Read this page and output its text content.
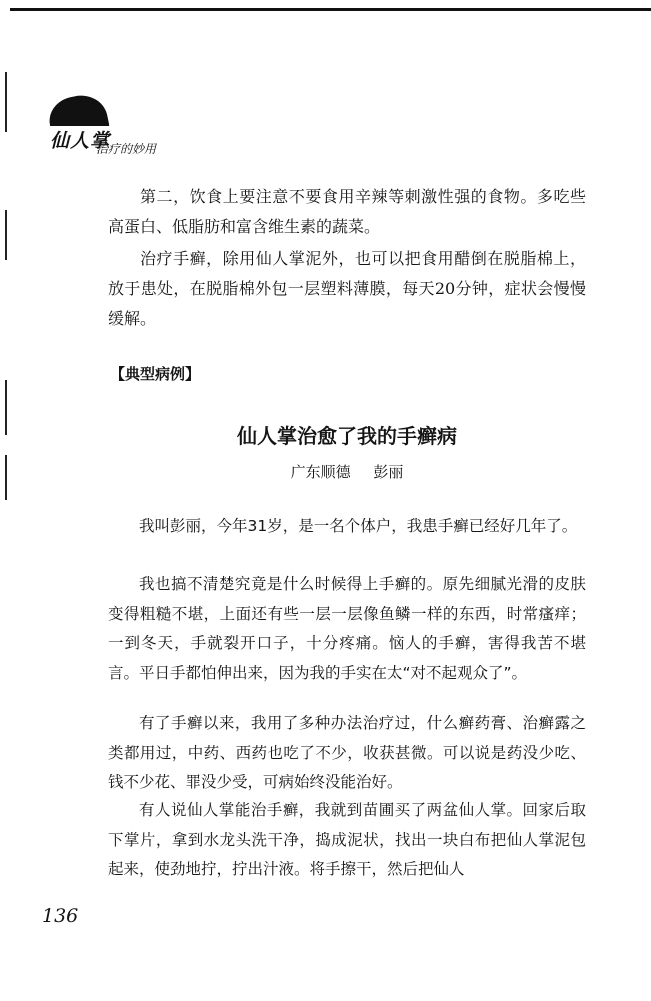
仙人掌
治疗的妙用

第二，饮食上要注意不要食用辛辣等刺激性强的食物。多吃些高蛋白、低脂肪和富含维生素的蔬菜。

治疗手癣，除用仙人掌泥外，也可以把食用醋倒在脱脂棉上，放于患处，在脱脂棉外包一层塑料薄膜，每天20分钟，症状会慢慢缓解。

【典型病例】
仙人掌治愈了我的手癣病
广东顺德 彭丽

我叫彭丽，今年31岁，是一名个体户，我患手癣已经好几年了。

我也搞不清楚究竟是什么时候得上手癣的。原先细腻光滑的皮肤变得粗糙不堪，上面还有些一层一层像鱼鳞一样的东西，时常瘙痒；一到冬天，手就裂开口子，十分疼痛。恼人的手癣，害得我苦不堪言。平日手都怕伸出来，因为我的手实在太“对不起观众了”。

有了手癣以来，我用了多种办法治疗过，什么癣药膏、治癣露之类都用过，中药、西药也吃了不少，收获甚微。可以说是药没少吃、钱不少花、罪没少受，可病始终没能治好。

有人说仙人掌能治手癣，我就到苗圃买了两盆仙人掌。回家后取下掌片，拿到水龙头洗干净，捣成泥状，找出一块白布把仙人掌泥包起来，使劲地拧，拧出汁液。将手擦干，然后把仙人

136
